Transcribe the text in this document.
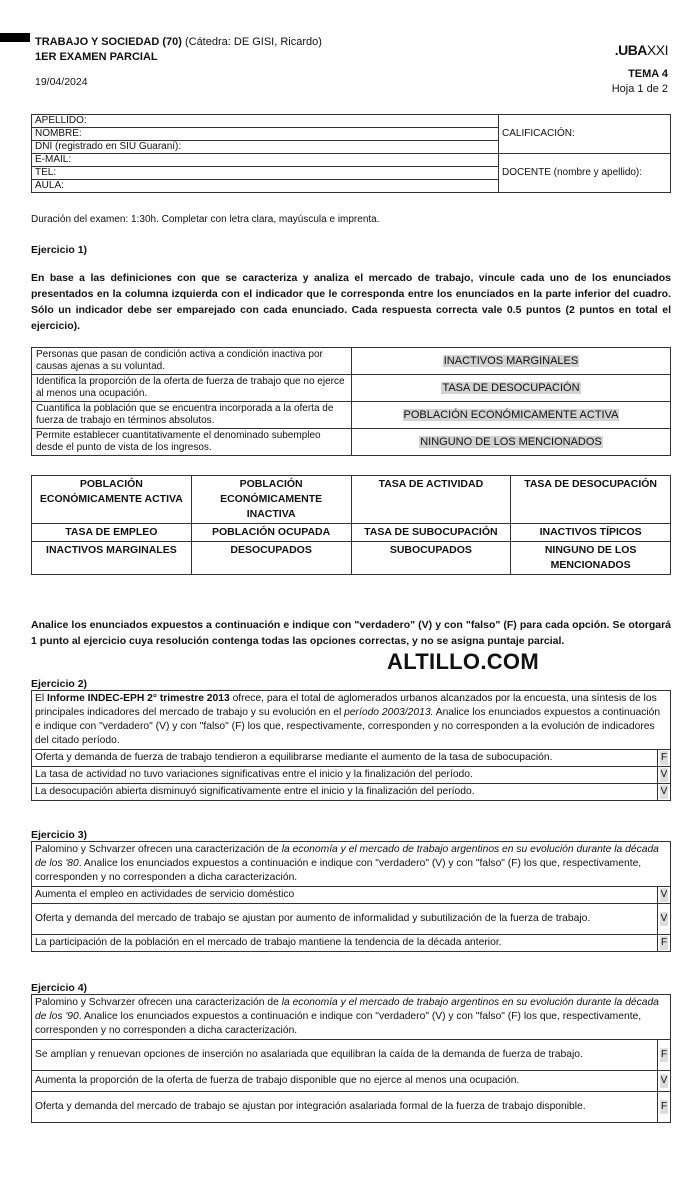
TRABAJO Y SOCIEDAD (70) (Cátedra: DE GISI, Ricardo)
1ER EXAMEN PARCIAL
19/04/2024
.UBAXXI
TEMA 4
Hoja 1 de 2
APELLIDO:	CALIFICACIÓN:
NOMBRE:	
DNI (registrado en SIU Guaraní):	
E-MAIL:	DOCENTE (nombre y apellido):
TEL:	
AULA:	
Duración del examen: 1:30h. Completar con letra clara, mayúscula e imprenta.
Ejercicio 1)
En base a las definiciones con que se caracteriza y analiza el mercado de trabajo, vincule cada uno de los enunciados presentados en la columna izquierda con el indicador que le corresponda entre los enunciados en la parte inferior del cuadro. Sólo un indicador debe ser emparejado con cada enunciado. Cada respuesta correcta vale 0.5 puntos (2 puntos en total el ejercicio).
Personas que pasan de condición activa a condición inactiva por causas ajenas a su voluntad.	INACTIVOS MARGINALES
Identifica la proporción de la oferta de fuerza de trabajo que no ejerce al menos una ocupación.	TASA DE DESOCUPACIÓN
Cuantifica la población que se encuentra incorporada a la oferta de fuerza de trabajo en términos absolutos.	POBLACIÓN ECONÓMICAMENTE ACTIVA
Permite establecer cuantitativamente el denominado subempleo desde el punto de vista de los ingresos.	NINGUNO DE LOS MENCIONADOS
POBLACIÓN ECONÓMICAMENTE ACTIVA	POBLACIÓN ECONÓMICAMENTE INACTIVA	TASA DE ACTIVIDAD	TASA DE DESOCUPACIÓN
TASA DE EMPLEO	POBLACIÓN OCUPADA	TASA DE SUBOCUPACIÓN	INACTIVOS TÍPICOS
INACTIVOS MARGINALES	DESOCUPADOS	SUBOCUPADOS	NINGUNO DE LOS MENCIONADOS
Analice los enunciados expuestos a continuación e indique con "verdadero" (V) y con "falso" (F) para cada opción. Se otorgará 1 punto al ejercicio cuya resolución contenga todas las opciones correctas, y no se asigna puntaje parcial.
ALTILLO.COM
Ejercicio 2)
El Informe INDEC-EPH 2° trimestre 2013 ofrece, para el total de aglomerados urbanos alcanzados por la encuesta, una síntesis de los principales indicadores del mercado de trabajo y su evolución en el período 2003/2013. Analice los enunciados expuestos a continuación e indique con "verdadero" (V) y con "falso" (F) los que, respectivamente, corresponden y no corresponden a la evolución de indicadores del citado período.	
Oferta y demanda de fuerza de trabajo tendieron a equilibrarse mediante el aumento de la tasa de subocupación.	F
La tasa de actividad no tuvo variaciones significativas entre el inicio y la finalización del período.	V
La desocupación abierta disminuyó significativamente entre el inicio y la finalización del período.	V
Ejercicio 3)
Palomino y Schvarzer ofrecen una caracterización de la economía y el mercado de trabajo argentinos en su evolución durante la década de los '80. Analice los enunciados expuestos a continuación e indique con "verdadero" (V) y con "falso" (F) los que, respectivamente, corresponden y no corresponden a dicha caracterización.	
Aumenta el empleo en actividades de servicio doméstico	V
Oferta y demanda del mercado de trabajo se ajustan por aumento de informalidad y subutilización de la fuerza de trabajo.	V
La participación de la población en el mercado de trabajo mantiene la tendencia de la década anterior.	F
Ejercicio 4)
Palomino y Schvarzer ofrecen una caracterización de la economía y el mercado de trabajo argentinos en su evolución durante la década de los '90. Analice los enunciados expuestos a continuación e indique con "verdadero" (V) y con "falso" (F) los que, respectivamente, corresponden y no corresponden a dicha caracterización.	
Se amplían y renuevan opciones de inserción no asalariada que equilibran la caída de la demanda de fuerza de trabajo.	F
Aumenta la proporción de la oferta de fuerza de trabajo disponible que no ejerce al menos una ocupación.	V
Oferta y demanda del mercado de trabajo se ajustan por integración asalariada formal de la fuerza de trabajo disponible.	F
